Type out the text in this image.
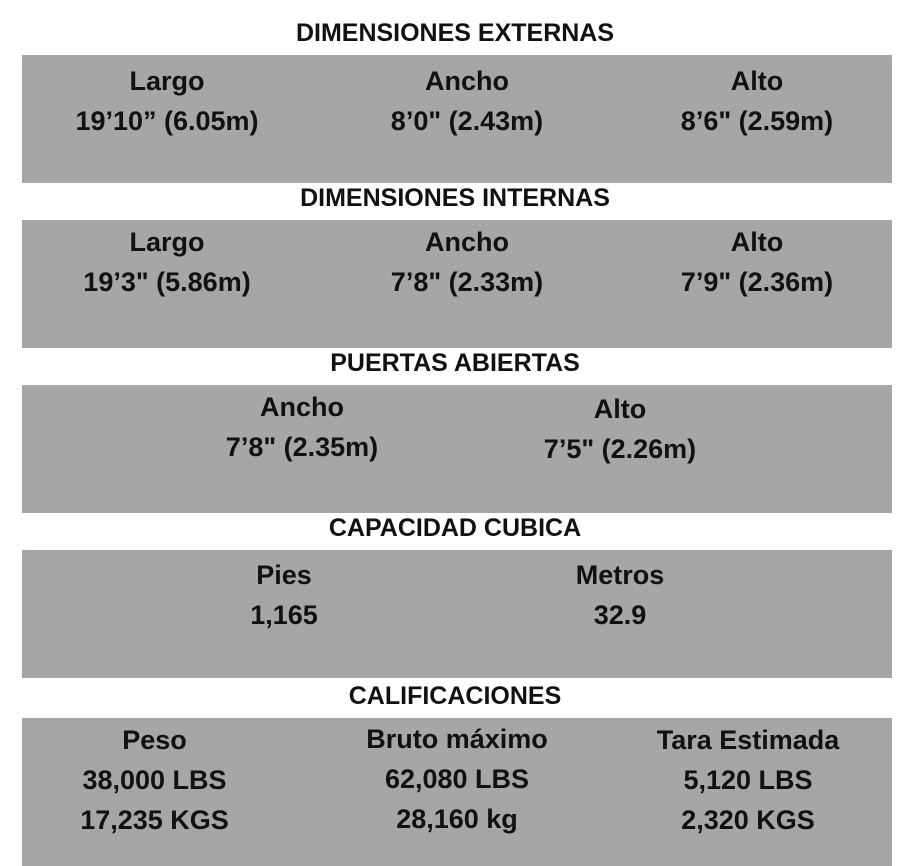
DIMENSIONES EXTERNAS
Largo
19’10” (6.05m)
Ancho
8’0" (2.43m)
Alto
8’6" (2.59m)
DIMENSIONES INTERNAS
Largo
19’3" (5.86m)
Ancho
7’8" (2.33m)
Alto
7’9" (2.36m)
PUERTAS ABIERTAS
Ancho
7’8" (2.35m)
Alto
7’5" (2.26m)
CAPACIDAD CUBICA
Pies
1,165
Metros
32.9
CALIFICACIONES
Peso
38,000 LBS
17,235 KGS
Bruto máximo
62,080 LBS
28,160 kg
Tara Estimada
5,120 LBS
2,320 KGS
